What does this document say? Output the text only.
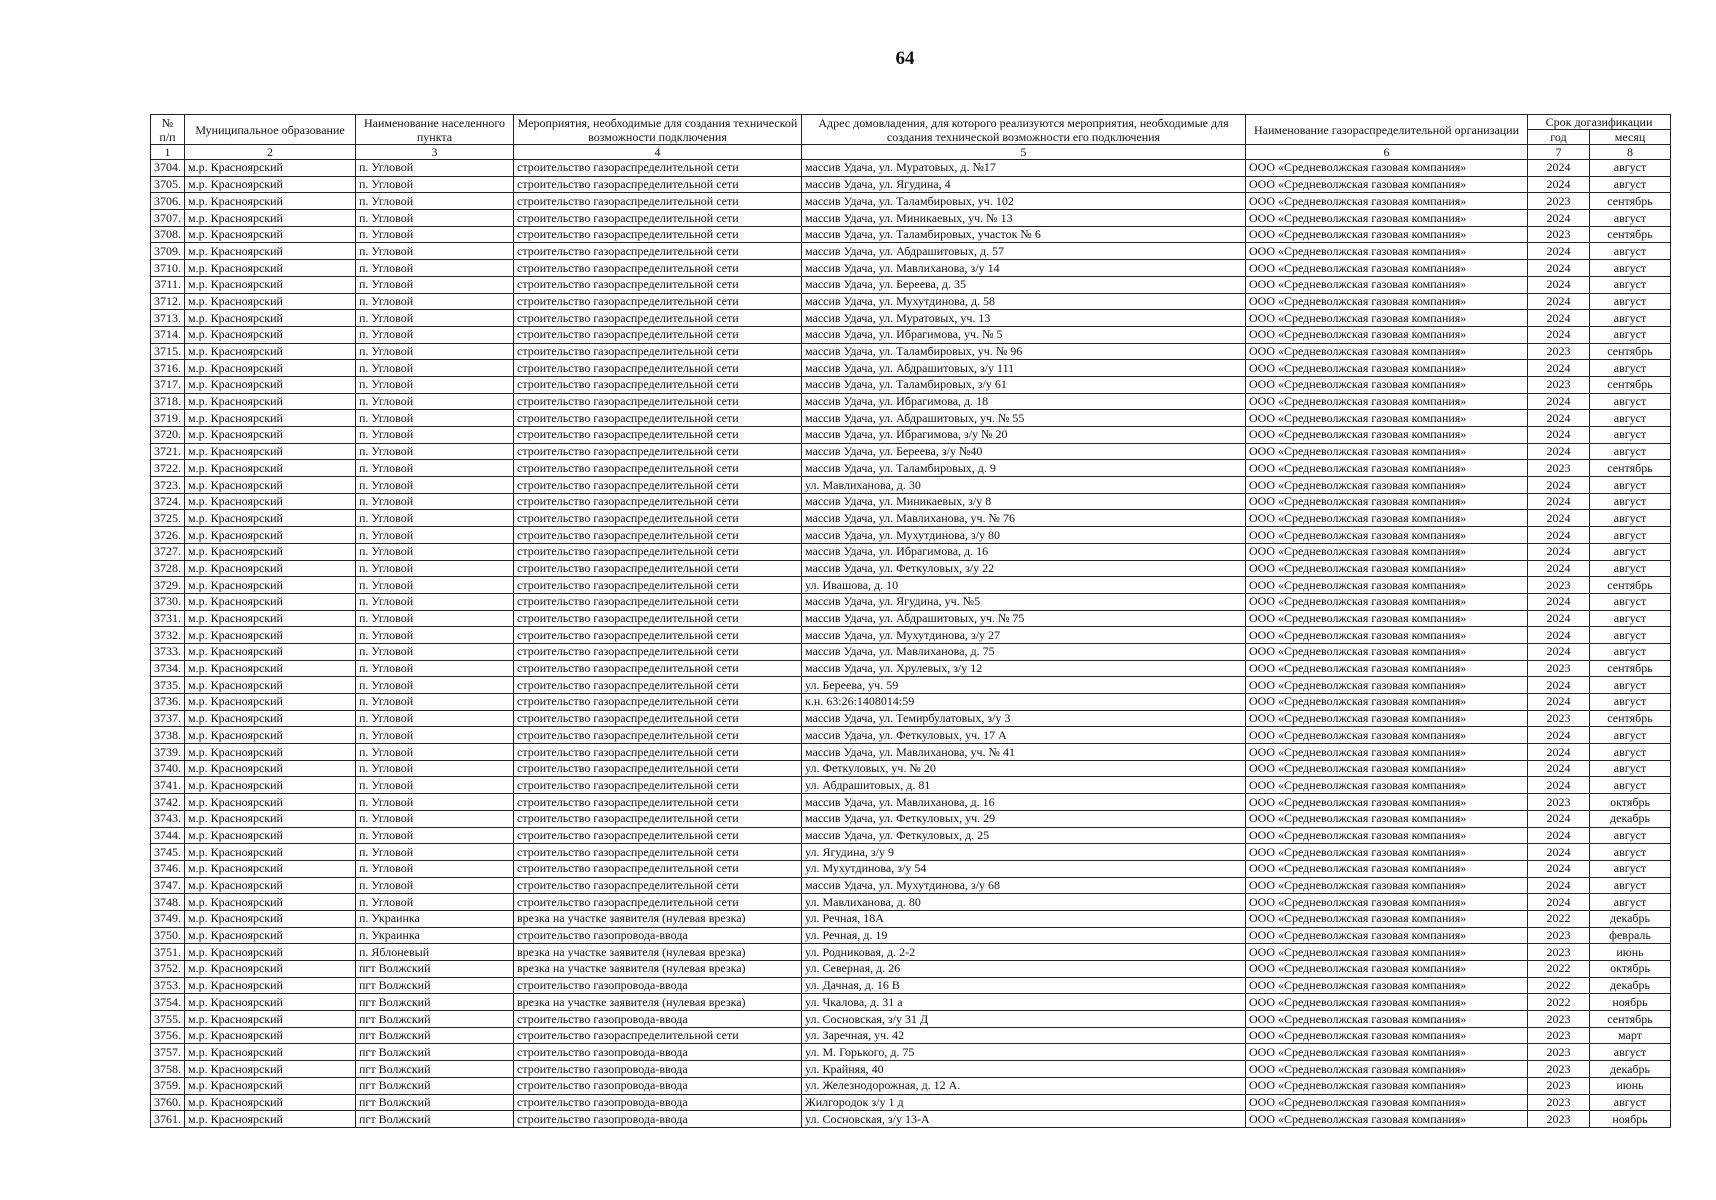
64
№
п/п	Муниципальное образование	Наименование населенного пункта	Мероприятия, необходимые для создания технической возможности подключения	Адрес домовладения, для которого реализуются мероприятия, необходимые для создания технической возможности его подключения	Наименование газораспределительной организации	Срок догазификации	
						год	месяц
1	2	3	4	5	6	7	8
3704.	м.р. Красноярский	п. Угловой	строительство газораспределительной сети	массив Удача, ул. Муратовых, д. №17	ООО «Средневолжская газовая компания»	2024	август
3705.	м.р. Красноярский	п. Угловой	строительство газораспределительной сети	массив Удача, ул. Ягудина, 4	ООО «Средневолжская газовая компания»	2024	август
3706.	м.р. Красноярский	п. Угловой	строительство газораспределительной сети	массив Удача, ул. Таламбировых, уч. 102	ООО «Средневолжская газовая компания»	2023	сентябрь
3707.	м.р. Красноярский	п. Угловой	строительство газораспределительной сети	массив Удача, ул. Миникаевых, уч. № 13	ООО «Средневолжская газовая компания»	2024	август
3708.	м.р. Красноярский	п. Угловой	строительство газораспределительной сети	массив Удача, ул. Таламбировых, участок № 6	ООО «Средневолжская газовая компания»	2023	сентябрь
3709.	м.р. Красноярский	п. Угловой	строительство газораспределительной сети	массив Удача, ул. Абдрашитовых, д. 57	ООО «Средневолжская газовая компания»	2024	август
3710.	м.р. Красноярский	п. Угловой	строительство газораспределительной сети	массив Удача, ул. Мавлиханова, з/у 14	ООО «Средневолжская газовая компания»	2024	август
3711.	м.р. Красноярский	п. Угловой	строительство газораспределительной сети	массив Удача, ул. Береева, д. 35	ООО «Средневолжская газовая компания»	2024	август
3712.	м.р. Красноярский	п. Угловой	строительство газораспределительной сети	массив Удача, ул. Мухутдинова, д. 58	ООО «Средневолжская газовая компания»	2024	август
3713.	м.р. Красноярский	п. Угловой	строительство газораспределительной сети	массив Удача, ул. Муратовых, уч. 13	ООО «Средневолжская газовая компания»	2024	август
3714.	м.р. Красноярский	п. Угловой	строительство газораспределительной сети	массив Удача, ул. Ибрагимова, уч. № 5	ООО «Средневолжская газовая компания»	2024	август
3715.	м.р. Красноярский	п. Угловой	строительство газораспределительной сети	массив Удача, ул. Таламбировых, уч. № 96	ООО «Средневолжская газовая компания»	2023	сентябрь
3716.	м.р. Красноярский	п. Угловой	строительство газораспределительной сети	массив Удача, ул. Абдрашитовых, з/у 111	ООО «Средневолжская газовая компания»	2024	август
3717.	м.р. Красноярский	п. Угловой	строительство газораспределительной сети	массив Удача, ул. Таламбировых, з/у 61	ООО «Средневолжская газовая компания»	2023	сентябрь
3718.	м.р. Красноярский	п. Угловой	строительство газораспределительной сети	массив Удача, ул. Ибрагимова, д. 18	ООО «Средневолжская газовая компания»	2024	август
3719.	м.р. Красноярский	п. Угловой	строительство газораспределительной сети	массив Удача, ул. Абдрашитовых, уч. № 55	ООО «Средневолжская газовая компания»	2024	август
3720.	м.р. Красноярский	п. Угловой	строительство газораспределительной сети	массив Удача, ул. Ибрагимова, з/у № 20	ООО «Средневолжская газовая компания»	2024	август
3721.	м.р. Красноярский	п. Угловой	строительство газораспределительной сети	массив Удача, ул. Береева, з/у №40	ООО «Средневолжская газовая компания»	2024	август
3722.	м.р. Красноярский	п. Угловой	строительство газораспределительной сети	массив Удача, ул. Таламбировых, д. 9	ООО «Средневолжская газовая компания»	2023	сентябрь
3723.	м.р. Красноярский	п. Угловой	строительство газораспределительной сети	ул. Мавлиханова, д. 30	ООО «Средневолжская газовая компания»	2024	август
3724.	м.р. Красноярский	п. Угловой	строительство газораспределительной сети	массив Удача, ул. Миникаевых, з/у 8	ООО «Средневолжская газовая компания»	2024	август
3725.	м.р. Красноярский	п. Угловой	строительство газораспределительной сети	массив Удача, ул. Мавлиханова, уч. № 76	ООО «Средневолжская газовая компания»	2024	август
3726.	м.р. Красноярский	п. Угловой	строительство газораспределительной сети	массив Удача, ул. Мухутдинова, з/у 80	ООО «Средневолжская газовая компания»	2024	август
3727.	м.р. Красноярский	п. Угловой	строительство газораспределительной сети	массив Удача, ул. Ибрагимова, д. 16	ООО «Средневолжская газовая компания»	2024	август
3728.	м.р. Красноярский	п. Угловой	строительство газораспределительной сети	массив Удача, ул. Феткуловых, з/у 22	ООО «Средневолжская газовая компания»	2024	август
3729.	м.р. Красноярский	п. Угловой	строительство газораспределительной сети	ул. Ивашова, д. 10	ООО «Средневолжская газовая компания»	2023	сентябрь
3730.	м.р. Красноярский	п. Угловой	строительство газораспределительной сети	массив Удача, ул. Ягудина, уч. №5	ООО «Средневолжская газовая компания»	2024	август
3731.	м.р. Красноярский	п. Угловой	строительство газораспределительной сети	массив Удача, ул. Абдрашитовых, уч. № 75	ООО «Средневолжская газовая компания»	2024	август
3732.	м.р. Красноярский	п. Угловой	строительство газораспределительной сети	массив Удача, ул. Мухутдинова, з/у 27	ООО «Средневолжская газовая компания»	2024	август
3733.	м.р. Красноярский	п. Угловой	строительство газораспределительной сети	массив Удача, ул. Мавлиханова, д. 75	ООО «Средневолжская газовая компания»	2024	август
3734.	м.р. Красноярский	п. Угловой	строительство газораспределительной сети	массив Удача, ул. Хрулевых, з/у 12	ООО «Средневолжская газовая компания»	2023	сентябрь
3735.	м.р. Красноярский	п. Угловой	строительство газораспределительной сети	ул. Береева, уч. 59	ООО «Средневолжская газовая компания»	2024	август
3736.	м.р. Красноярский	п. Угловой	строительство газораспределительной сети	к.н. 63:26:1408014:59	ООО «Средневолжская газовая компания»	2024	август
3737.	м.р. Красноярский	п. Угловой	строительство газораспределительной сети	массив Удача, ул. Темирбулатовых, з/у 3	ООО «Средневолжская газовая компания»	2023	сентябрь
3738.	м.р. Красноярский	п. Угловой	строительство газораспределительной сети	массив Удача, ул. Феткуловых, уч. 17 А	ООО «Средневолжская газовая компания»	2024	август
3739.	м.р. Красноярский	п. Угловой	строительство газораспределительной сети	массив Удача, ул. Мавлиханова, уч. № 41	ООО «Средневолжская газовая компания»	2024	август
3740.	м.р. Красноярский	п. Угловой	строительство газораспределительной сети	ул. Феткуловых, уч. № 20	ООО «Средневолжская газовая компания»	2024	август
3741.	м.р. Красноярский	п. Угловой	строительство газораспределительной сети	ул. Абдрашитовых, д. 81	ООО «Средневолжская газовая компания»	2024	август
3742.	м.р. Красноярский	п. Угловой	строительство газораспределительной сети	массив Удача, ул. Мавлиханова, д. 16	ООО «Средневолжская газовая компания»	2023	октябрь
3743.	м.р. Красноярский	п. Угловой	строительство газораспределительной сети	массив Удача, ул. Феткуловых, уч. 29	ООО «Средневолжская газовая компания»	2024	декабрь
3744.	м.р. Красноярский	п. Угловой	строительство газораспределительной сети	массив Удача, ул. Феткуловых, д. 25	ООО «Средневолжская газовая компания»	2024	август
3745.	м.р. Красноярский	п. Угловой	строительство газораспределительной сети	ул. Ягудина, з/у 9	ООО «Средневолжская газовая компания»	2024	август
3746.	м.р. Красноярский	п. Угловой	строительство газораспределительной сети	ул. Мухутдинова, з/у 54	ООО «Средневолжская газовая компания»	2024	август
3747.	м.р. Красноярский	п. Угловой	строительство газораспределительной сети	массив Удача, ул. Мухутдинова, з/у 68	ООО «Средневолжская газовая компания»	2024	август
3748.	м.р. Красноярский	п. Угловой	строительство газораспределительной сети	ул. Мавлиханова, д. 80	ООО «Средневолжская газовая компания»	2024	август
3749.	м.р. Красноярский	п. Украинка	врезка на участке заявителя (нулевая врезка)	ул. Речная, 18А	ООО «Средневолжская газовая компания»	2022	декабрь
3750.	м.р. Красноярский	п. Украинка	строительство газопровода-ввода	ул. Речная, д. 19	ООО «Средневолжская газовая компания»	2023	февраль
3751.	м.р. Красноярский	п. Яблоневый	врезка на участке заявителя (нулевая врезка)	ул. Родниковая, д. 2-2	ООО «Средневолжская газовая компания»	2023	июнь
3752.	м.р. Красноярский	пгт Волжский	врезка на участке заявителя (нулевая врезка)	ул. Северная, д. 26	ООО «Средневолжская газовая компания»	2022	октябрь
3753.	м.р. Красноярский	пгт Волжский	строительство газопровода-ввода	ул. Дачная, д. 16 В	ООО «Средневолжская газовая компания»	2022	декабрь
3754.	м.р. Красноярский	пгт Волжский	врезка на участке заявителя (нулевая врезка)	ул. Чкалова, д. 31 а	ООО «Средневолжская газовая компания»	2022	ноябрь
3755.	м.р. Красноярский	пгт Волжский	строительство газопровода-ввода	ул. Сосновская, з/у 31 Д	ООО «Средневолжская газовая компания»	2023	сентябрь
3756.	м.р. Красноярский	пгт Волжский	строительство газораспределительной сети	ул. Заречная, уч. 42	ООО «Средневолжская газовая компания»	2023	март
3757.	м.р. Красноярский	пгт Волжский	строительство газопровода-ввода	ул. М. Горького, д. 75	ООО «Средневолжская газовая компания»	2023	август
3758.	м.р. Красноярский	пгт Волжский	строительство газопровода-ввода	ул. Крайняя, 40	ООО «Средневолжская газовая компания»	2023	декабрь
3759.	м.р. Красноярский	пгт Волжский	строительство газопровода-ввода	ул. Железнодорожная, д. 12 А.	ООО «Средневолжская газовая компания»	2023	июнь
3760.	м.р. Красноярский	пгт Волжский	строительство газопровода-ввода	Жилгородок з/у 1 д	ООО «Средневолжская газовая компания»	2023	август
3761.	м.р. Красноярский	пгт Волжский	строительство газопровода-ввода	ул. Сосновская, з/у 13-А	ООО «Средневолжская газовая компания»	2023	ноябрь
